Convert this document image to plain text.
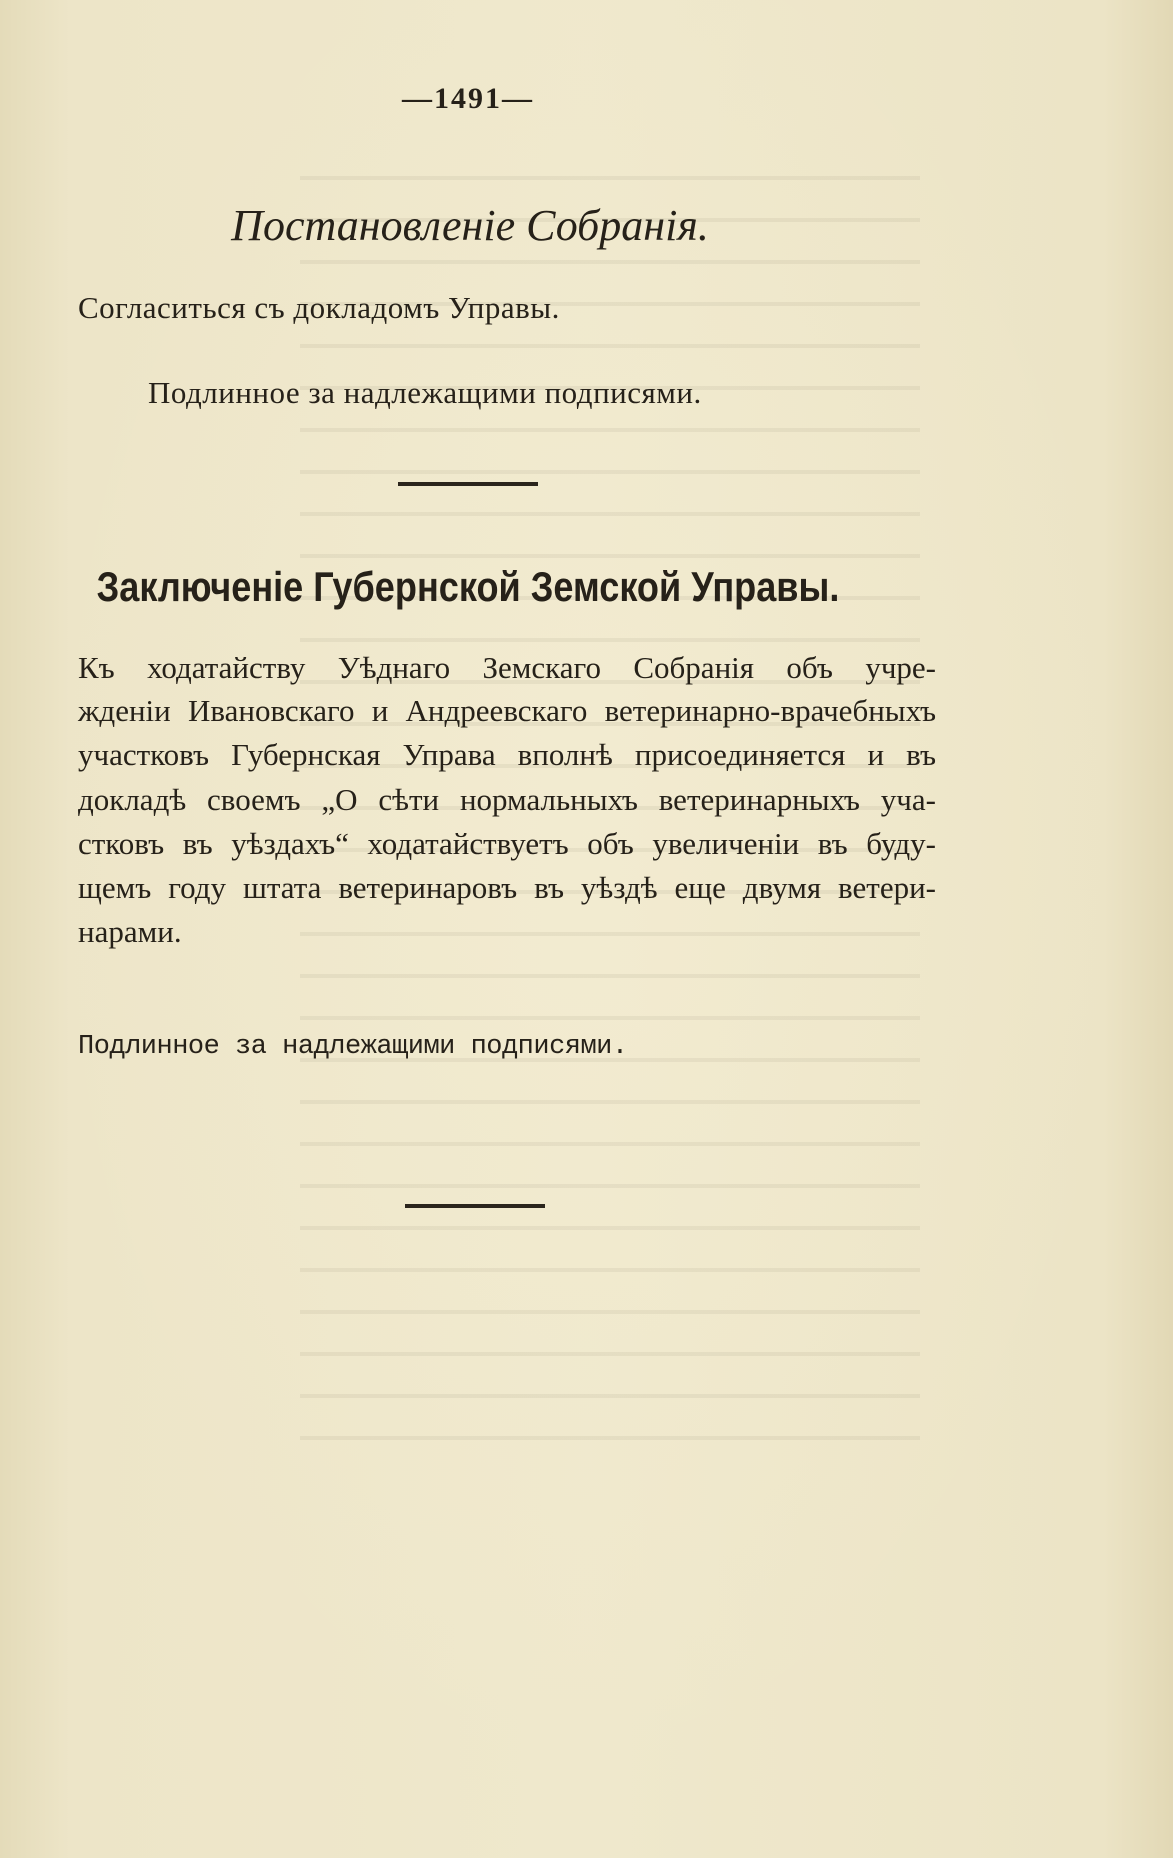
—1491—

Постановленіе Собранія.

Согласиться съ докладомъ Управы.

Подлинное за надлежащими подписями.

Заключеніе Губернской Земской Управы.

Къ ходатайству Уѣднаго Земскаго Собранія объ учре-

жденіи Ивановскаго и Андреевскаго ветеринарно-врачебныхъ

участковъ Губернская Управа вполнѣ присоединяется и въ

докладѣ своемъ „О сѣти нормальныхъ ветеринарныхъ уча-

стковъ въ уѣздахъ“ ходатайствуетъ объ увеличеніи въ буду-

щемъ году штата ветеринаровъ въ уѣздѣ еще двумя ветери-

нарами.

Подлинное за надлежащими подписями.
